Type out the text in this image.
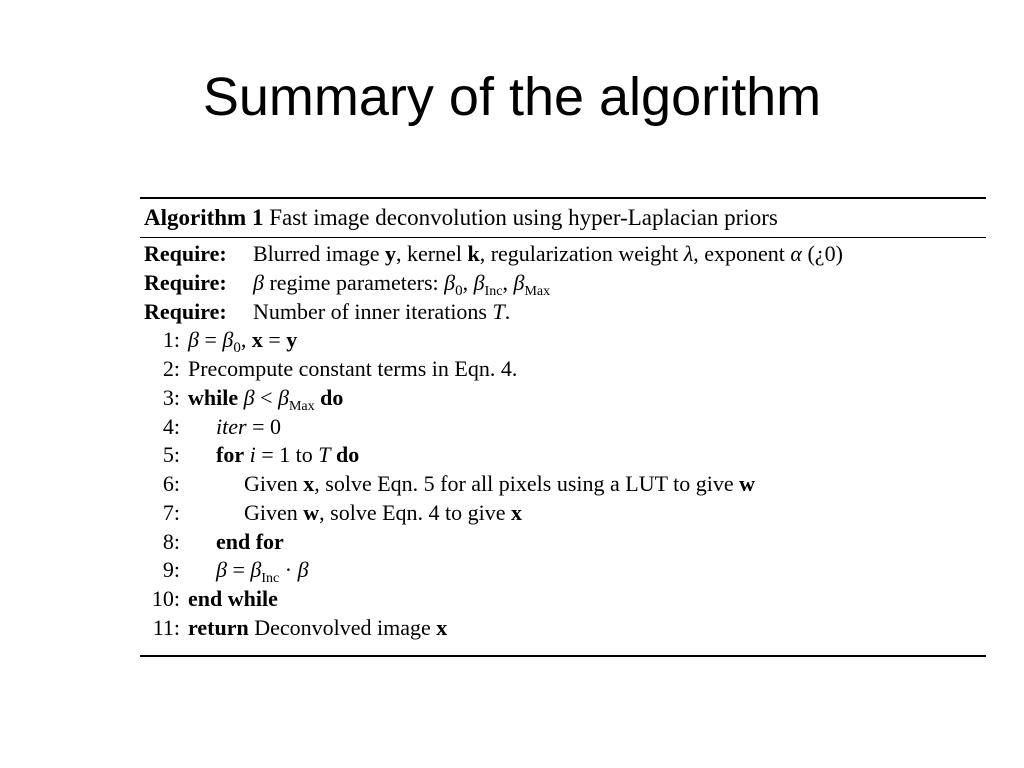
Summary of the algorithm
Algorithm 1 Fast image deconvolution using hyper-Laplacian priors
Require: Blurred image y, kernel k, regularization weight λ, exponent α (¿0)
Require: β regime parameters: $\beta_0$, $\beta_{Inc}$, $\beta_{Max}$
Require: Number of inner iterations T.
1: $\beta = \beta_0$, x = y
2: Precompute constant terms in Eqn. 4.
3: while $\beta < \beta_{Max}$ do
4: iter = 0
5: for i = 1 to T do
6:	Given x, solve Eqn. 5 for all pixels using a LUT to give w
7:	Given w, solve Eqn. 4 to give x
8: end for
9: $\beta = \beta_{Inc} \cdot \beta$
10: end while
11: return Deconvolved image x
